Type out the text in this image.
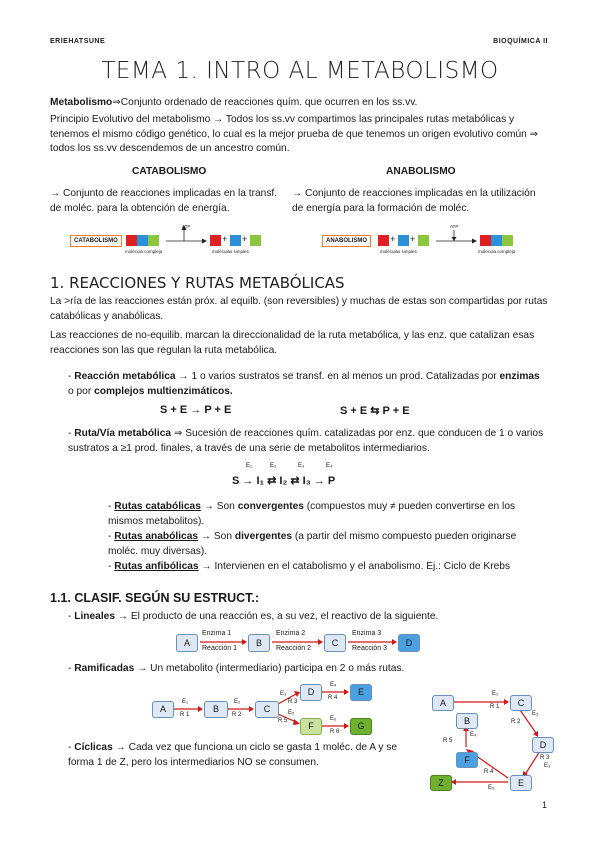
ERIEHATSUNE	BIOQUÍMICA II
TEMA 1. INTRO AL METABOLISMO
Metabolismo⇒Conjunto ordenado de reacciones quím. que ocurren en los ss.vv.
Principio Evolutivo del metabolismo → Todos los ss.vv compartimos las principales rutas metabólicas y tenemos el mismo código genético, lo cual es la mejor prueba de que tenemos un origen evolutivo común ⇒ todos los ss.vv descendemos de un ancestro común.
CATABOLISMO	ANABOLISMO
→ Conjunto de reacciones implicadas en la transf. de moléc. para la obtención de energía.
→ Conjunto de reacciones implicadas en la utilización de energía para la formación de moléc.
CATABOLISMO
molécula compleja
ATP
+ +
moléculas simples
ANABOLISMO	+ +
moléculas simples
ATP
molécula compleja
1. REACCIONES Y RUTAS METABÓLICAS
La >ría de las reacciones están próx. al equilb. (son reversibles) y muchas de estas son compartidas por rutas catabólicas y anabólicas.
Las reacciones de no-equilib. marcan la direccionalidad de la ruta metabólica, y las enz. que catalizan esas reacciones son las que regulan la ruta metabólica.
- Reacción metabólica → 1 o varios sustratos se transf. en al menos un prod. Catalizadas por enzimas o por complejos multienzimáticos.
S + E → P + E	S + E ⇆ P + E
- Ruta/Vía metabólica ⇒ Sucesión de reacciones quím. catalizadas por enz. que conducen de 1 o varios sustratos a ≥1 prod. finales, a través de una serie de metabolitos intermediarios.
E₁	E₂	E₃	E₄
S → I₁ ⇄ I₂ ⇄ I₃ → P
- Rutas catabólicas → Son convergentes (compuestos muy ≠ pueden convertirse en los mismos metabolitos).
- Rutas anabólicas → Son divergentes (a partir del mismo compuesto pueden originarse moléc. muy diversas).
- Rutas anfibólicas → Intervienen en el catabolismo y el anabolismo. Ej.: Ciclo de Krebs
1.1. CLASIF. SEGÚN SU ESTRUCT.:
- Lineales → El producto de una reacción es, a su vez, el reactivo de la siguiente.
A	B	C	D
Enzima 1	Enzima 2	Enzima 3
Reacción 1	Reacción 2	Reacción 3
- Ramificadas → Un metabolito (intermediario) participa en 2 o más rutas.
A	B	C
D	E
F	G
E₁	E₂
E₃
E₄
E₅
E₆
R 1	R 2
R 3
R 4
R 5
R 6
- Cíclicas → Cada vez que funciona un ciclo se gasta 1 moléc. de A y se forma 1 de Z, pero los intermediarios NO se consumen.
A
B
C
D
E
F
Z
E₁
R 1
E₂
R 2
R 3
E₃
R 4
R 5
E₄
E₅
1
